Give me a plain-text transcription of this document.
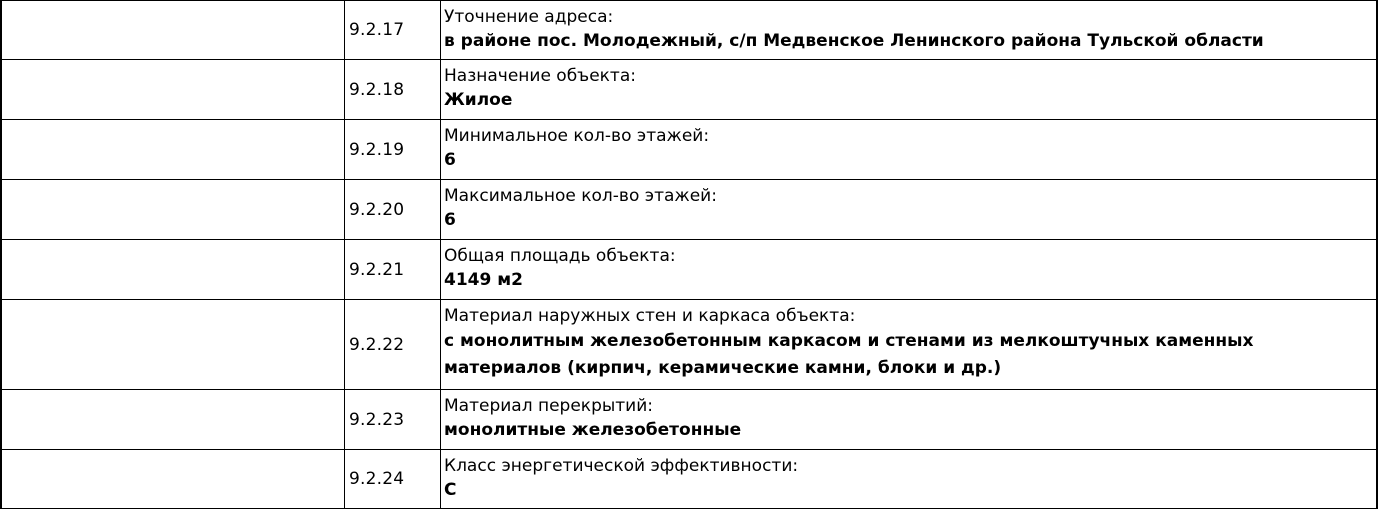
9.2.17
Уточнение адреса:
в районе пос. Молодежный, с/п Медвенское Ленинского района Тульской области
9.2.18
Назначение объекта:
Жилое
9.2.19
Минимальное кол-во этажей:
6
9.2.20
Максимальное кол-во этажей:
6
9.2.21
Общая площадь объекта:
4149 м2
9.2.22
Материал наружных стен и каркаса объекта:
с монолитным железобетонным каркасом и стенами из мелкоштучных каменных материалов (кирпич, керамические камни, блоки и др.)
9.2.23
Материал перекрытий:
монолитные железобетонные
9.2.24
Класс энергетической эффективности:
С
